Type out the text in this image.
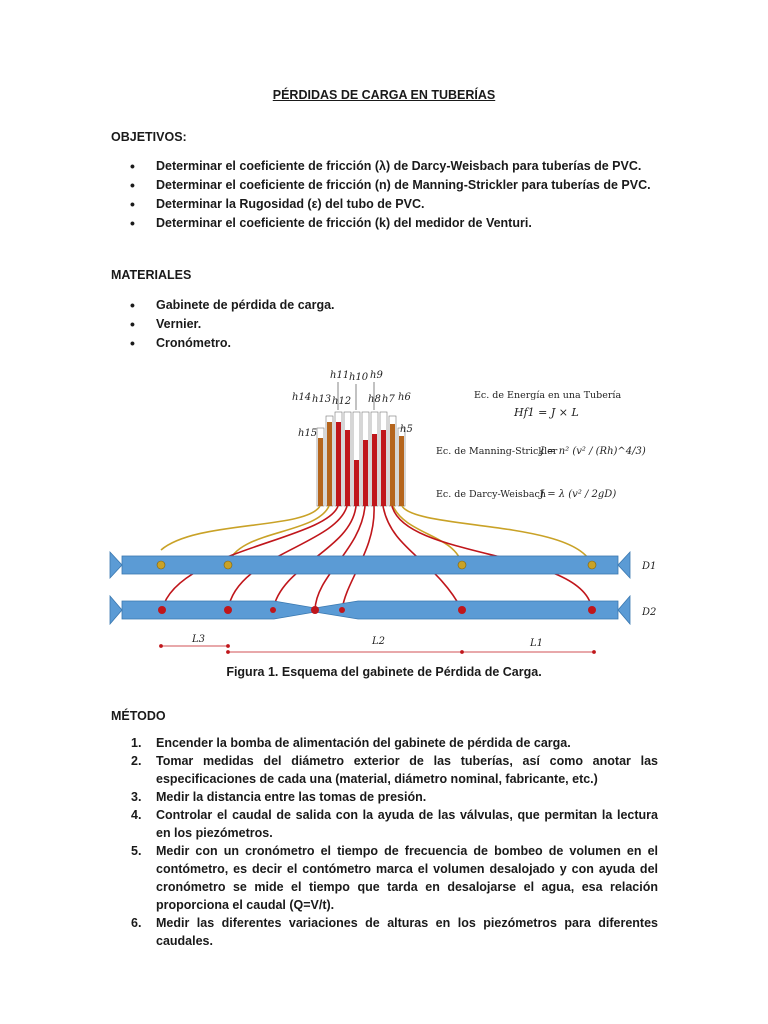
PÉRDIDAS DE CARGA EN TUBERÍAS
OBJETIVOS:
• Determinar el coeficiente de fricción (λ) de Darcy-Weisbach para tuberías de PVC.
• Determinar el coeficiente de fricción (n) de Manning-Strickler para tuberías de PVC.
• Determinar la Rugosidad (ε) del tubo de PVC.
• Determinar el coeficiente de fricción (k) del medidor de Venturi.
MATERIALES
• Gabinete de pérdida de carga.
• Vernier.
• Cronómetro.
h11 h10 h9
h14 h13 h12 h8 h7 h6
h15	h5
Ec. de Energía en una Tubería
Hf1 = J × L
Ec. de Manning-Strickler
J = n² (v² / (Rh)^4/3)
Ec. de Darcy-Weisbach
J = λ (v² / 2gD)
D1
D2
L3	L2	L1
Figura 1. Esquema del gabinete de Pérdida de Carga.
MÉTODO
1. Encender la bomba de alimentación del gabinete de pérdida de carga.
2. Tomar medidas del diámetro exterior de las tuberías, así como anotar las especificaciones de cada una (material, diámetro nominal, fabricante, etc.)
3. Medir la distancia entre las tomas de presión.
4. Controlar el caudal de salida con la ayuda de las válvulas, que permitan la lectura en los piezómetros.
5. Medir con un cronómetro el tiempo de frecuencia de bombeo de volumen en el contómetro, es decir el contómetro marca el volumen desalojado y con ayuda del cronómetro se mide el tiempo que tarda en desalojarse el agua, esa relación proporciona el caudal (Q=V/t).
6. Medir las diferentes variaciones de alturas en los piezómetros para diferentes caudales.
